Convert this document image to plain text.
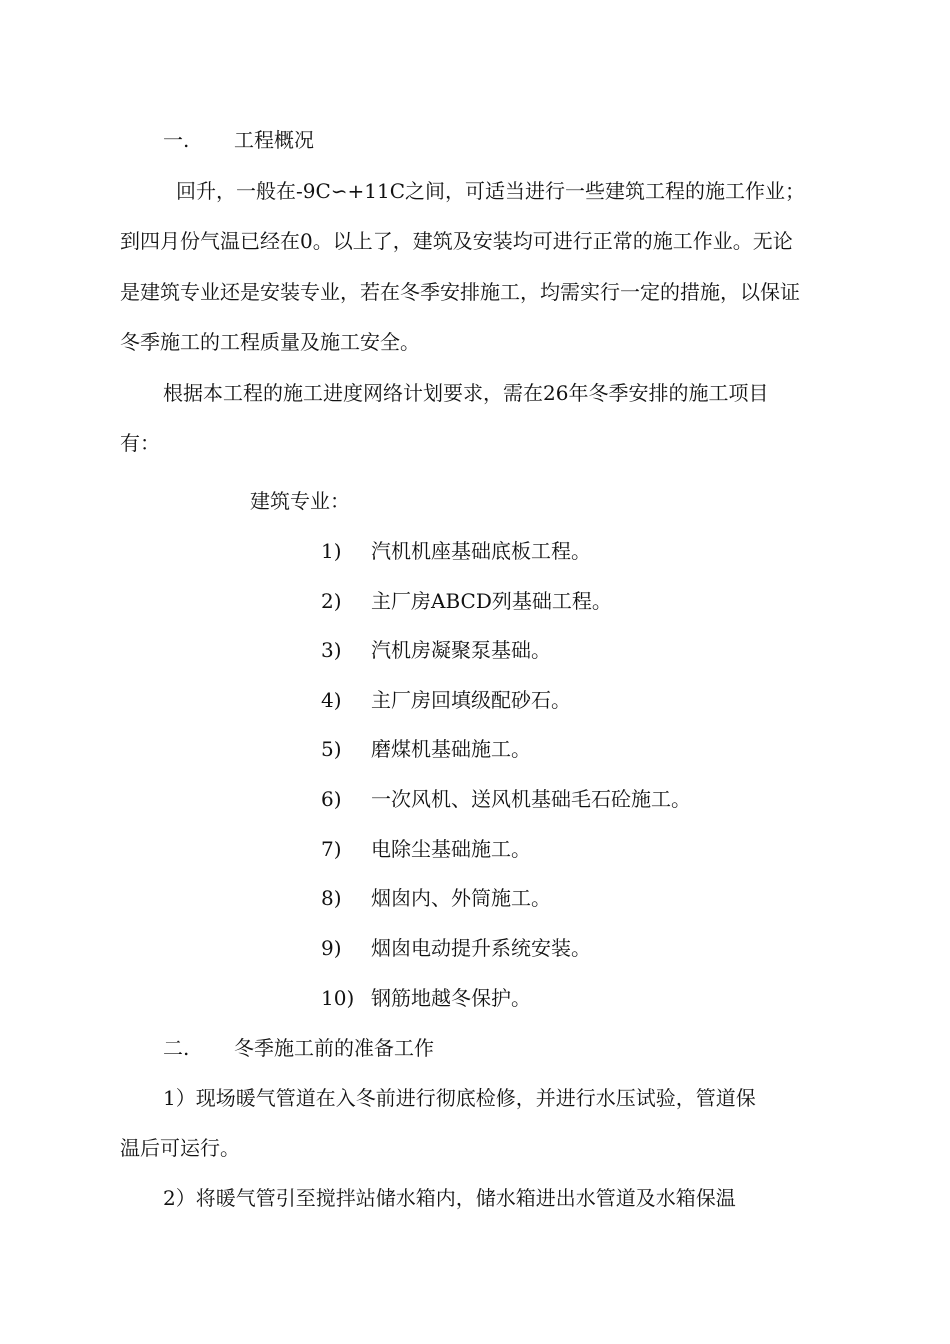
一. 工程概况
回升，一般在-9C∽+11C之间，可适当进行一些建筑工程的施工作业；
到四月份气温已经在0。以上了，建筑及安装均可进行正常的施工作业。无论
是建筑专业还是安装专业，若在冬季安排施工，均需实行一定的措施，以保证
冬季施工的工程质量及施工安全。
根据本工程的施工进度网络计划要求，需在26年冬季安排的施工项目
有：
建筑专业：
1) 汽机机座基础底板工程。
2) 主厂房ABCD列基础工程。
3) 汽机房凝聚泵基础。
4) 主厂房回填级配砂石。
5) 磨煤机基础施工。
6) 一次风机、送风机基础毛石砼施工。
7) 电除尘基础施工。
8) 烟囱内、外筒施工。
9) 烟囱电动提升系统安装。
10) 钢筋地越冬保护。
二. 冬季施工前的准备工作
1）现场暖气管道在入冬前进行彻底检修，并进行水压试验，管道保
温后可运行。
2）将暖气管引至搅拌站储水箱内，储水箱进出水管道及水箱保温
